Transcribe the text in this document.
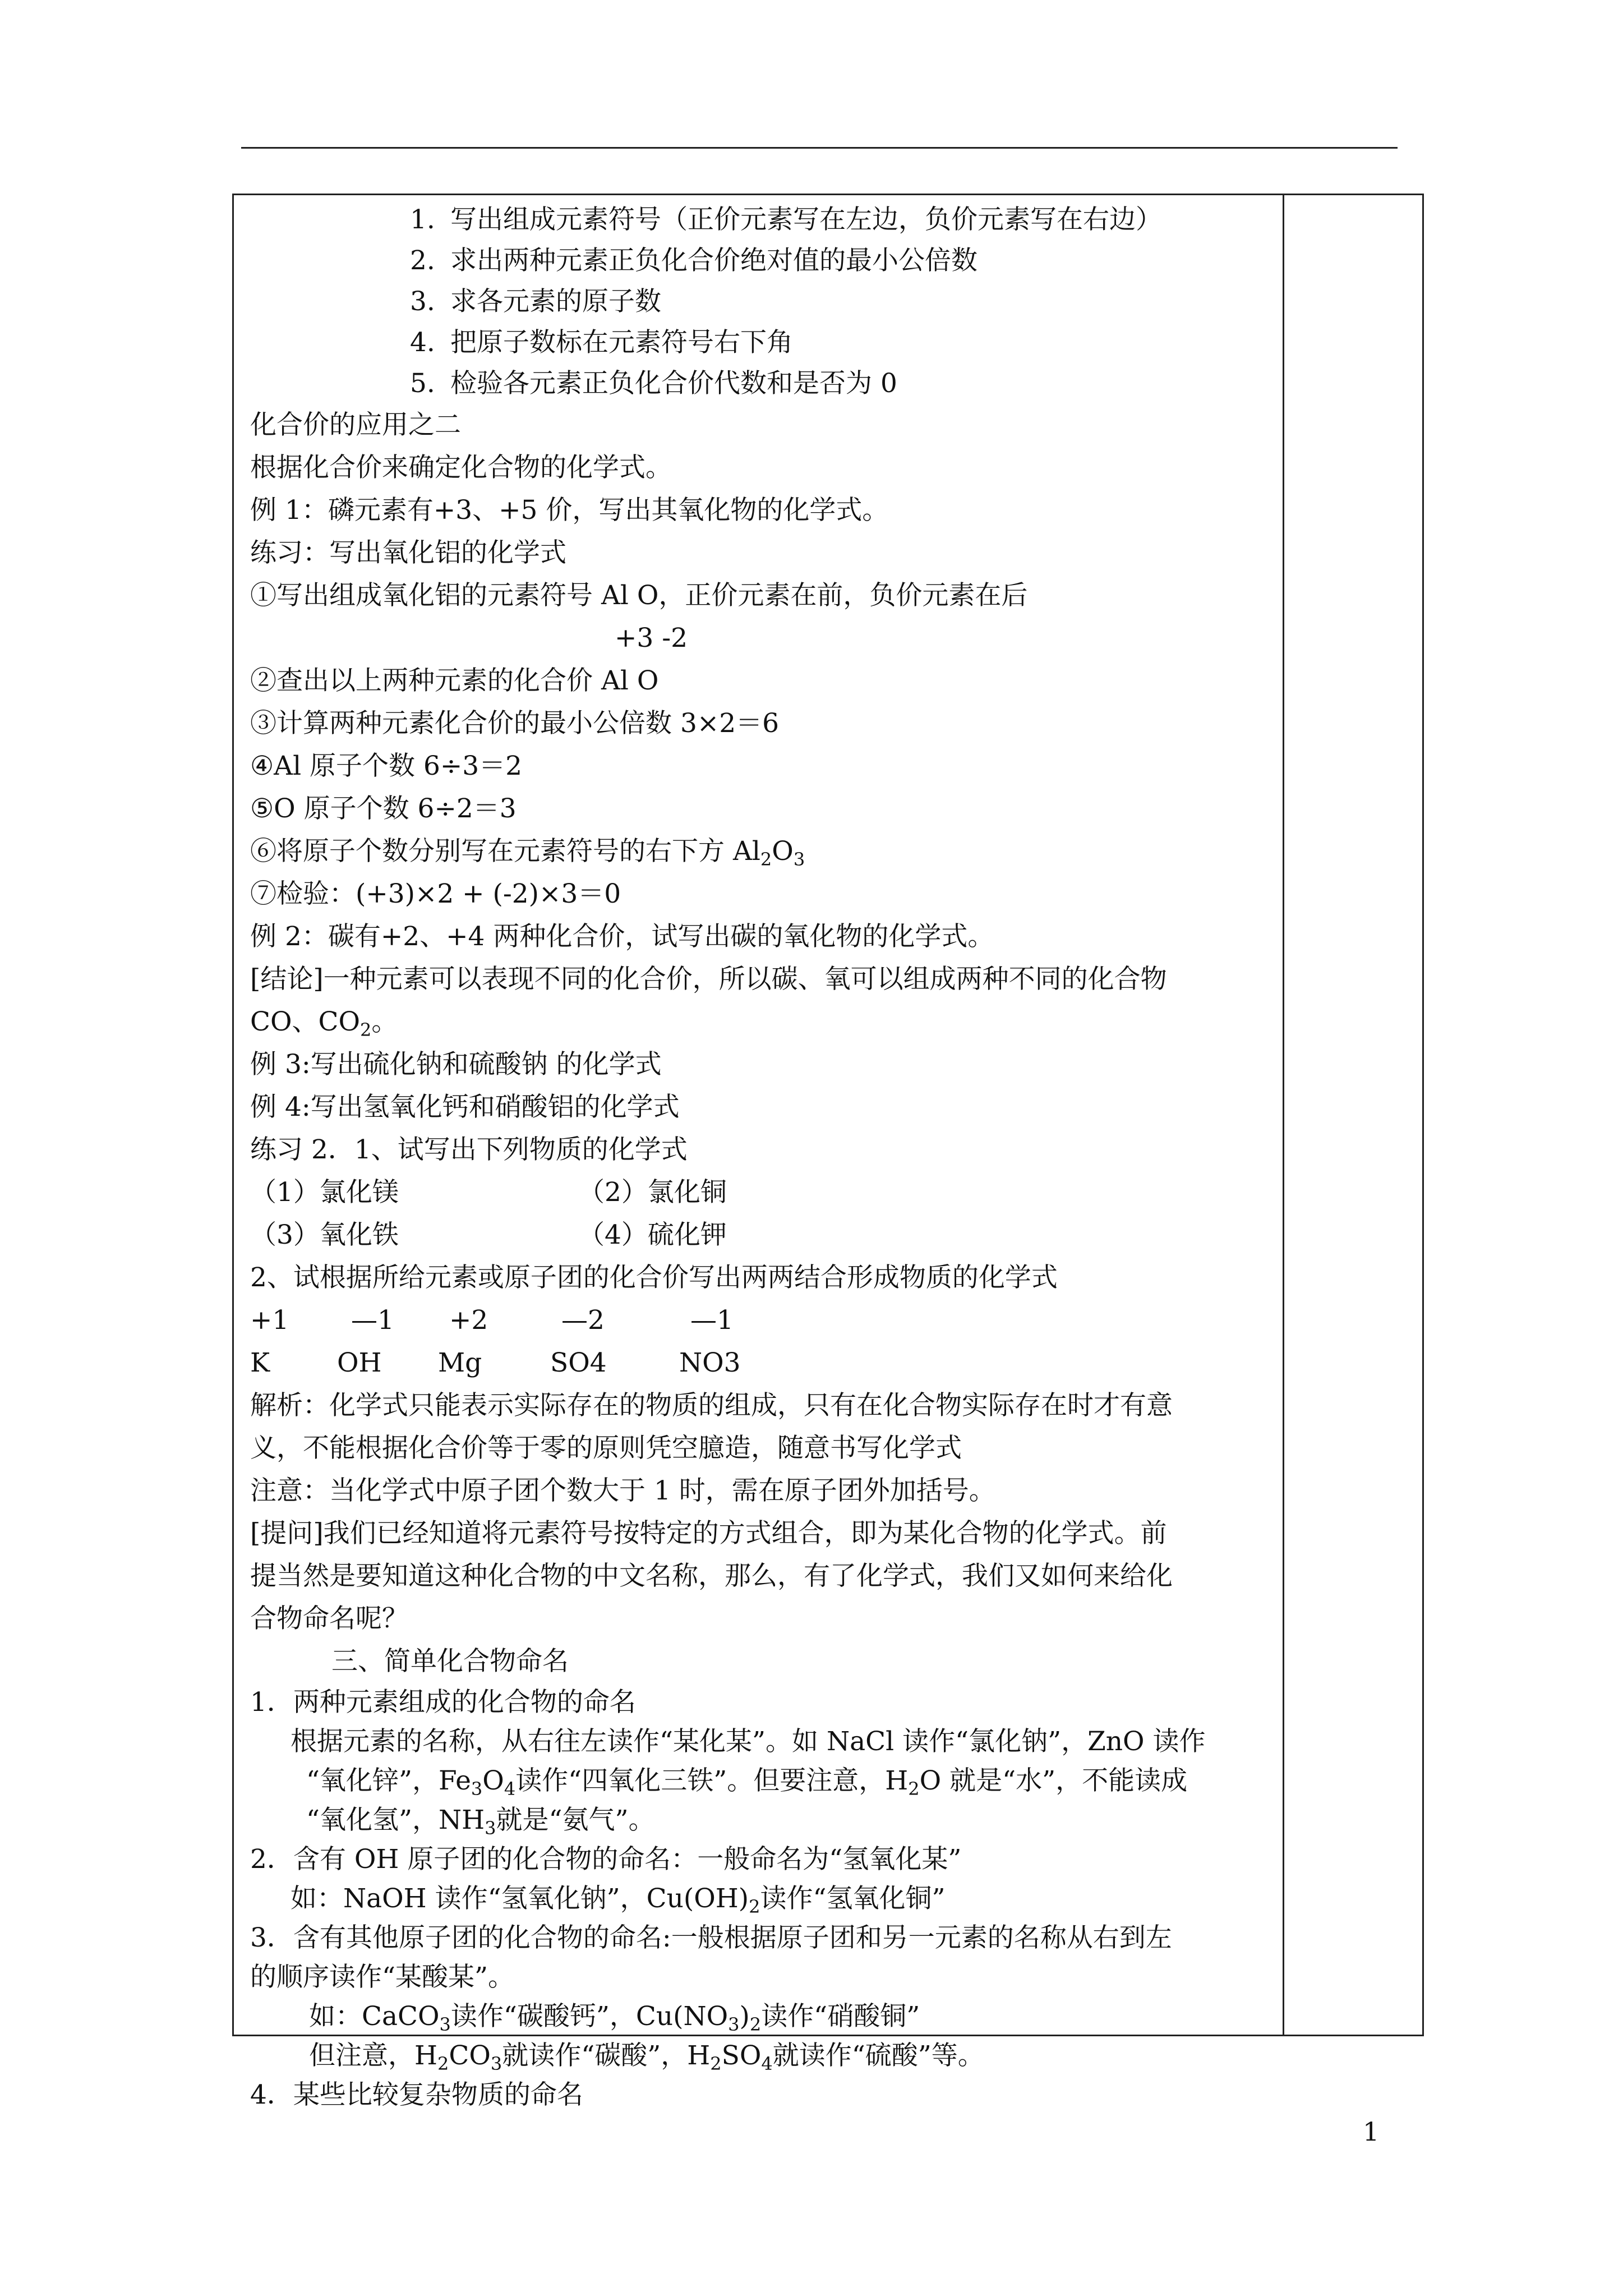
1. 写出组成元素符号（正价元素写在左边，负价元素写在右边）
2. 求出两种元素正负化合价绝对值的最小公倍数
3. 求各元素的原子数
4. 把原子数标在元素符号右下角
5. 检验各元素正负化合价代数和是否为 0
化合价的应用之二
根据化合价来确定化合物的化学式。
例 1：磷元素有+3、+5 价，写出其氧化物的化学式。
练习：写出氧化铝的化学式
①写出组成氧化铝的元素符号 Al O，正价元素在前，负价元素在后
+3 -2
②查出以上两种元素的化合价 Al O
③计算两种元素化合价的最小公倍数 3×2＝6
④Al 原子个数 6÷3＝2
⑤O 原子个数 6÷2＝3
⑥将原子个数分别写在元素符号的右下方 $Al_2O_3$
⑦检验：(+3)×2 + (-2)×3＝0
例 2：碳有+2、+4 两种化合价，试写出碳的氧化物的化学式。
[结论]一种元素可以表现不同的化合价，所以碳、氧可以组成两种不同的化合物
CO、$CO_2$。
例 3:写出硫化钠和硫酸钠 的化学式
例 4:写出氢氧化钙和硝酸铝的化学式
练习 2．1、试写出下列物质的化学式
（1）氯化镁	（2）氯化铜
（3）氧化铁	（4）硫化钾
2、试根据所给元素或原子团的化合价写出两两结合形成物质的化学式
+1 —1 +2	—2	—1
K	OH Mg	SO4	NO3
解析：化学式只能表示实际存在的物质的组成，只有在化合物实际存在时才有意
义，不能根据化合价等于零的原则凭空臆造，随意书写化学式
注意：当化学式中原子团个数大于 1 时，需在原子团外加括号。
[提问]我们已经知道将元素符号按特定的方式组合，即为某化合物的化学式。前
提当然是要知道这种化合物的中文名称，那么，有了化学式，我们又如何来给化
合物命名呢？
三、简单化合物命名
1．两种元素组成的化合物的命名
根据元素的名称，从右往左读作“某化某”。如 NaCl 读作“氯化钠”，ZnO 读作
“氧化锌”，$Fe_3O_4$读作“四氧化三铁”。但要注意，$H_2O$ 就是“水”，不能读成
“氧化氢”，$NH_3$就是“氨气”。
2．含有 OH 原子团的化合物的命名：一般命名为“氢氧化某”
如：NaOH 读作“氢氧化钠”，$Cu(OH)_2$读作“氢氧化铜”
3．含有其他原子团的化合物的命名:一般根据原子团和另一元素的名称从右到左
的顺序读作“某酸某”。
如：CaCO$_3$读作“碳酸钙”，$Cu(NO_3)_2$读作“硝酸铜”
但注意，$H_2CO_3$就读作“碳酸”，$H_2SO_4$就读作“硫酸”等。
4．某些比较复杂物质的命名
1
